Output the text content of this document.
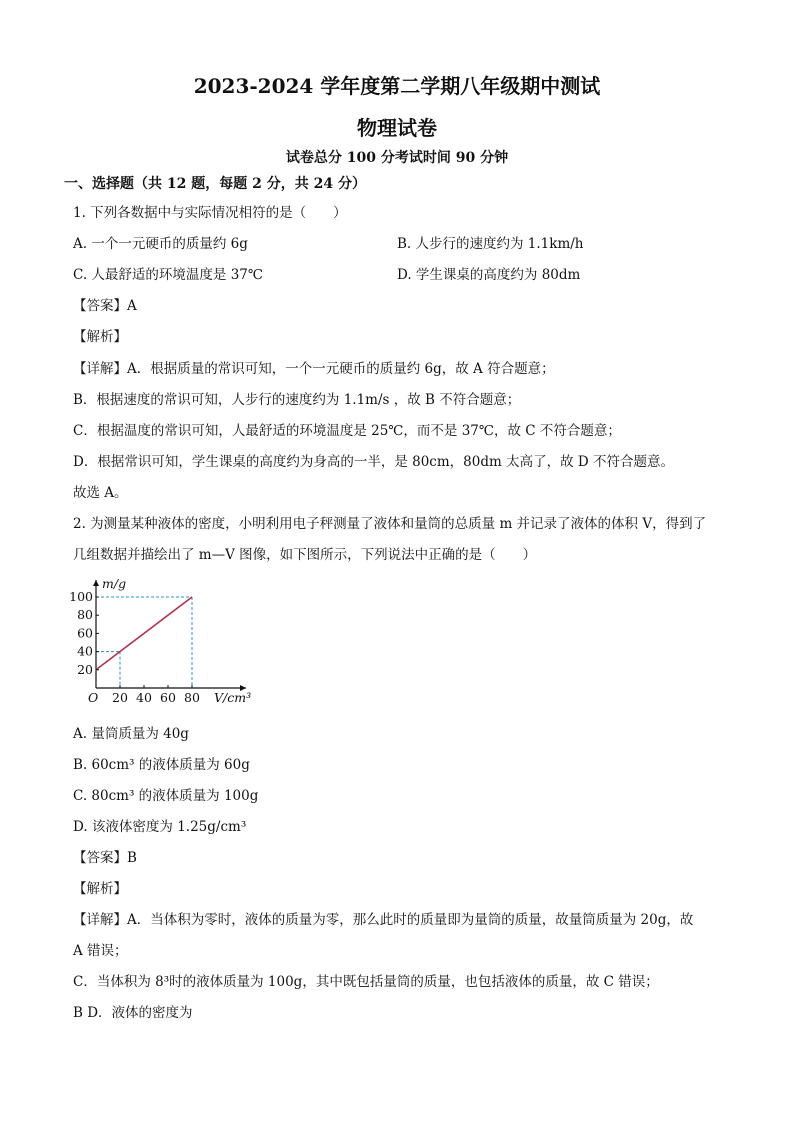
2023-2024 学年度第二学期八年级期中测试
物理试卷
试卷总分 100 分考试时间 90 分钟
一、选择题（共 12 题，每题 2 分，共 24 分）
1. 下列各数据中与实际情况相符的是（　　）
A. 一个一元硬币的质量约 6g	B. 人步行的速度约为 1.1km/h
C. 人最舒适的环境温度是 37℃	D. 学生课桌的高度约为 80dm
【答案】A
【解析】
【详解】A．根据质量的常识可知，一个一元硬币的质量约 6g，故 A 符合题意；
B．根据速度的常识可知，人步行的速度约为 1.1m/s ，故 B 不符合题意；
C．根据温度的常识可知，人最舒适的环境温度是 25℃，而不是 37℃，故 C 不符合题意；
D．根据常识可知，学生课桌的高度约为身高的一半，是 80cm，80dm 太高了，故 D 不符合题意。
故选 A。
2. 为测量某种液体的密度，小明利用电子秤测量了液体和量筒的总质量 m 并记录了液体的体积 V，得到了
几组数据并描绘出了 m—V 图像，如下图所示，下列说法中正确的是（　　）
m/g
V/cm³
O 20 40 60 80
20
40
60
80
100
A. 量筒质量为 40g
B. 60cm³ 的液体质量为 60g
C. 80cm³ 的液体质量为 100g
D. 该液体密度为 1.25g/cm³
【答案】B
【解析】
【详解】A．当体积为零时，液体的质量为零，那么此时的质量即为量筒的质量，故量筒质量为 20g，故
A 错误；
C．当体积为 8³时的液体质量为 100g，其中既包括量筒的质量，也包括液体的质量，故 C 错误；
B D．液体的密度为
